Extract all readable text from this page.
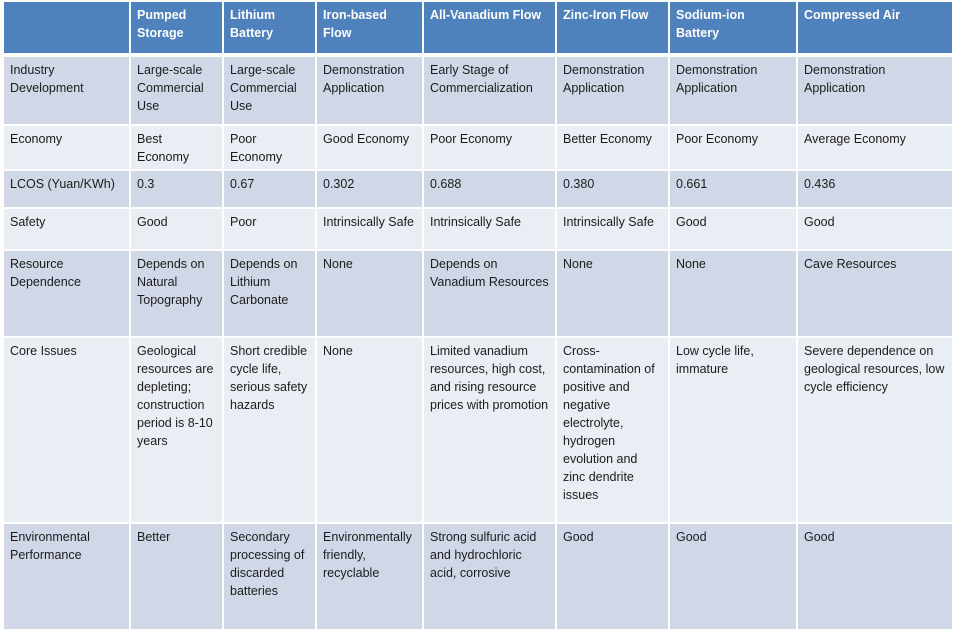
	Pumped Storage	Lithium Battery	Iron-based Flow	All-Vanadium Flow	Zinc-Iron Flow	Sodium-ion Battery	Compressed Air
Industry Development	Large-scale Commercial Use	Large-scale Commercial Use	Demonstration Application	Early Stage of Commercialization	Demonstration Application	Demonstration Application	Demonstration Application
Economy	Best Economy	Poor Economy	Good Economy	Poor Economy	Better Economy	Poor Economy	Average Economy
LCOS (Yuan/KWh)	0.3	0.67	0.302	0.688	0.380	0.661	0.436
Safety	Good	Poor	Intrinsically Safe	Intrinsically Safe	Intrinsically Safe	Good	Good
Resource Dependence	Depends on Natural Topography	Depends on Lithium Carbonate	None	Depends on Vanadium Resources	None	None	Cave Resources
Core Issues	Geological resources are depleting; construction period is 8-10 years	Short credible cycle life, serious safety hazards	None	Limited vanadium resources, high cost, and rising resource prices with promotion	Cross-contamination of positive and negative electrolyte, hydrogen evolution and zinc dendrite issues	Low cycle life, immature	Severe dependence on geological resources, low cycle efficiency
Environmental Performance	Better	Secondary processing of discarded batteries	Environmentally friendly, recyclable	Strong sulfuric acid and hydrochloric acid, corrosive	Good	Good	Good
